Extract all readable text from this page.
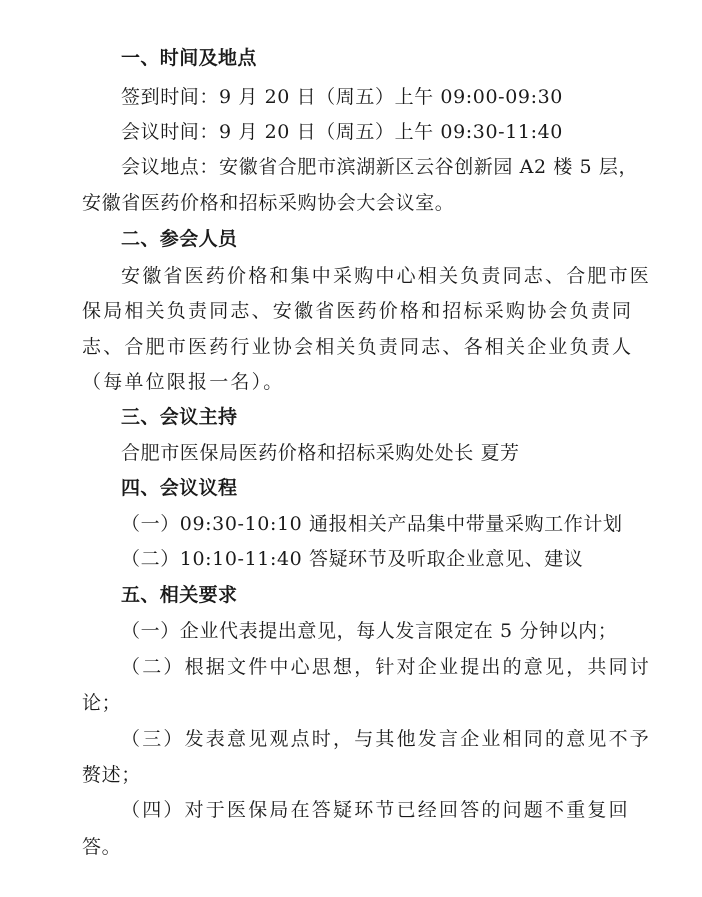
一、时间及地点
签到时间：9 月 20 日（周五）上午 09:00-09:30
会议时间：9 月 20 日（周五）上午 09:30-11:40
会议地点：安徽省合肥市滨湖新区云谷创新园 A2 楼 5 层，
安徽省医药价格和招标采购协会大会议室。
二、参会人员
安徽省医药价格和集中采购中心相关负责同志、合肥市医
保局相关负责同志、安徽省医药价格和招标采购协会负责同
志、合肥市医药行业协会相关负责同志、各相关企业负责人
（每单位限报一名）。
三、会议主持
合肥市医保局医药价格和招标采购处处长 夏芳
四、会议议程
（一）09:30-10:10 通报相关产品集中带量采购工作计划
（二）10:10-11:40 答疑环节及听取企业意见、建议
五、相关要求
（一）企业代表提出意见，每人发言限定在 5 分钟以内；
（二）根据文件中心思想，针对企业提出的意见，共同讨
论；
（三）发表意见观点时，与其他发言企业相同的意见不予
赘述；
（四）对于医保局在答疑环节已经回答的问题不重复回
答。
